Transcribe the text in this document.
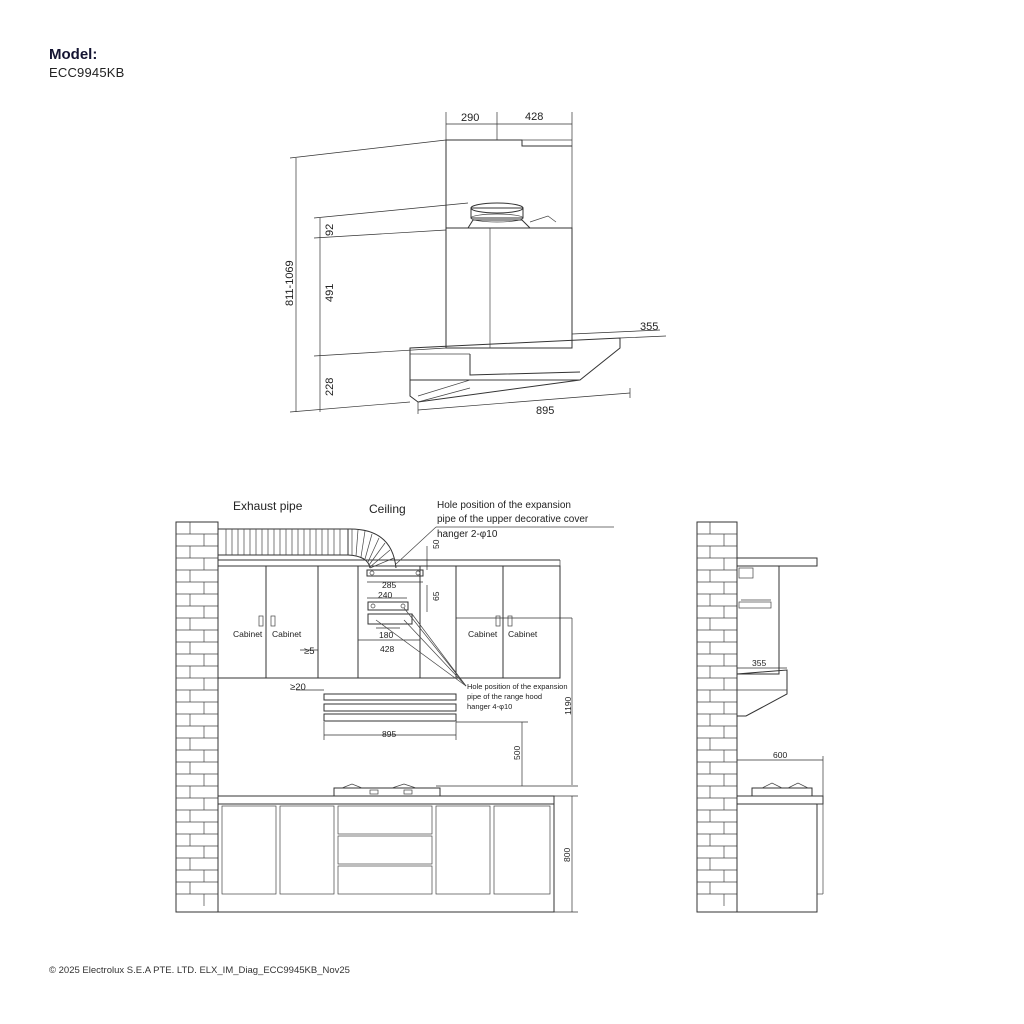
Model:
ECC9945KB
290	428
811-1069
92
491
228
355
895
Cabinet Cabinet	Cabinet Cabinet
285
240
180
428
50
65
Exhaust pipe	Ceiling	Hole position of the expansion
pipe of the upper decorative cover
hanger 2-φ10
Hole position of the expansion
pipe of the range hood
hanger 4-φ10
≥5
≥20
895
1190
500
800
355
600
© 2025 Electrolux S.E.A PTE. LTD. ELX_IM_Diag_ECC9945KB_Nov25
